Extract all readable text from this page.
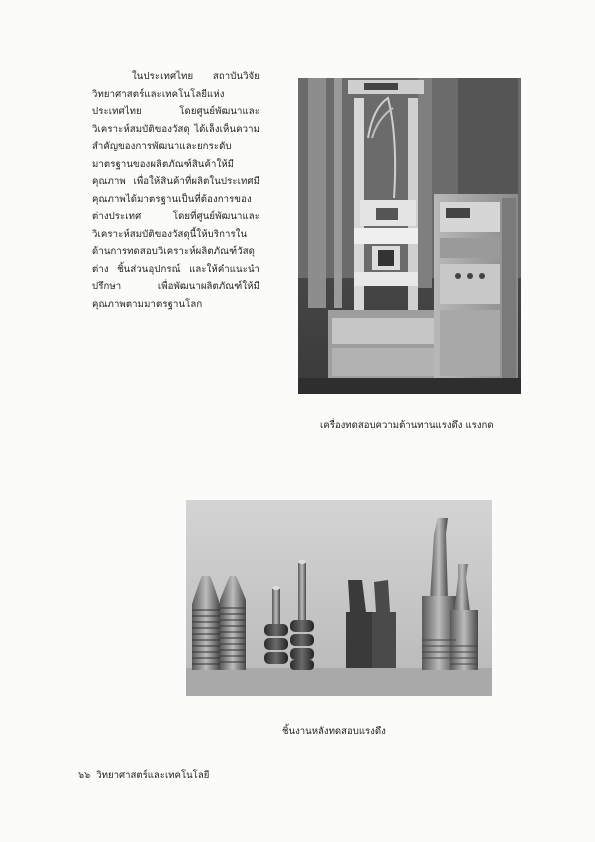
ในประเทศไทย สถาบันวิจัยวิทยาศาสตร์และเทคโนโลยีแห่งประเทศไทย โดยศูนย์พัฒนาและวิเคราะห์สมบัติของวัสดุ ได้เล็งเห็นความสำคัญของการพัฒนาและยกระดับมาตรฐานของผลิตภัณฑ์สินค้าให้มีคุณภาพ เพื่อให้สินค้าที่ผลิตในประเทศมีคุณภาพได้มาตรฐานเป็นที่ต้องการของต่างประเทศ โดยที่ศูนย์พัฒนาและวิเคราะห์สมบัติของวัสดุนี้ให้บริการในด้านการทดสอบวิเคราะห์ผลิตภัณฑ์วัสดุต่าง ชิ้นส่วนอุปกรณ์ และให้คำแนะนำ ปรึกษา เพื่อพัฒนาผลิตภัณฑ์ให้มีคุณภาพตามมาตรฐานโลก

เครื่องทดสอบความต้านทานแรงดึง แรงกด

ชิ้นงานหลังทดสอบแรงดึง

๖๖ วิทยาศาสตร์และเทคโนโลยี
